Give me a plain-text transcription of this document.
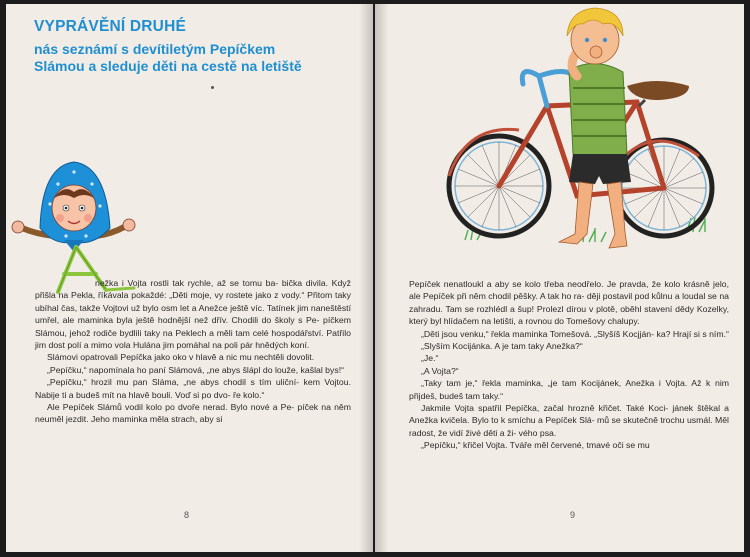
VYPRÁVĚNÍ DRUHÉ
nás seznámí s devítiletým Pepíčkem
Slámou a sleduje děti na cestě na letiště

nežka i Vojta rostli tak rychle, až se tomu ba- bička divila. Když přišla na Pekla, říkávala pokaždé: „Děti moje, vy rostete jako z vody.“ Přitom taky ubíhal čas, takže Vojtovi už bylo osm let a Anežce ještě víc. Tatínek jim naneštěstí umřel, ale maminka byla ještě hodnější než dřív. Chodili do školy s Pe- píčkem Slámou, jehož rodiče bydlili taky na Peklech a měli tam celé hospodářství. Patřilo jim dost polí a mimo vola Hulána jim pomáhal na poli pár hnědých koní.

Slámovi opatrovali Pepíčka jako oko v hlavě a nic mu nechtěli dovolit.

„Pepíčku,“ napomínala ho paní Slámová, „ne abys šlápl do louže, kašlal bys!“

„Pepíčku,“ hrozil mu pan Sláma, „ne abys chodil s tím uliční- kem Vojtou. Nabije ti a budeš mít na hlavě bouli. Voď si po dvo- ře kolo.“

Ale Pepíček Slámů vodil kolo po dvoře nerad. Bylo nové a Pe- píček na něm neuměl jezdit. Jeho maminka měla strach, aby si

8

Pepíček nenatloukl a aby se kolo třeba neodřelo. Je pravda, že kolo krásně jelo, ale Pepíček při něm chodil pěšky. A tak ho ra- ději postavil pod kůlnu a loudal se na zahradu. Tam se rozhlédl a šup! Prolezl dírou v plotě, oběhl stavení dědy Kozelky, který byl hlídačem na letišti, a rovnou do Tomešovy chalupy.

„Děti jsou venku,“ řekla maminka Tomešová. „Slyšíš Kocjján- ka? Hrají si s ním.“

„Slyším Kocijánka. A je tam taky Anežka?“

„Je.“

„A Vojta?“

„Taky tam je,“ řekla maminka, „je tam Kocijánek, Anežka i Vojta. Až k nim přijdeš, budeš tam taky.“

Jakmile Vojta spatřil Pepíčka, začal hrozně křičet. Také Koci- jánek štěkal a Anežka kvičela. Bylo to k smíchu a Pepíček Slá- mů se skutečně trochu usmál. Měl radost, že vidí živé děti a ži- vého psa.

„Pepíčku,“ křičel Vojta. Tváře měl červené, tmavé oči se mu

9
